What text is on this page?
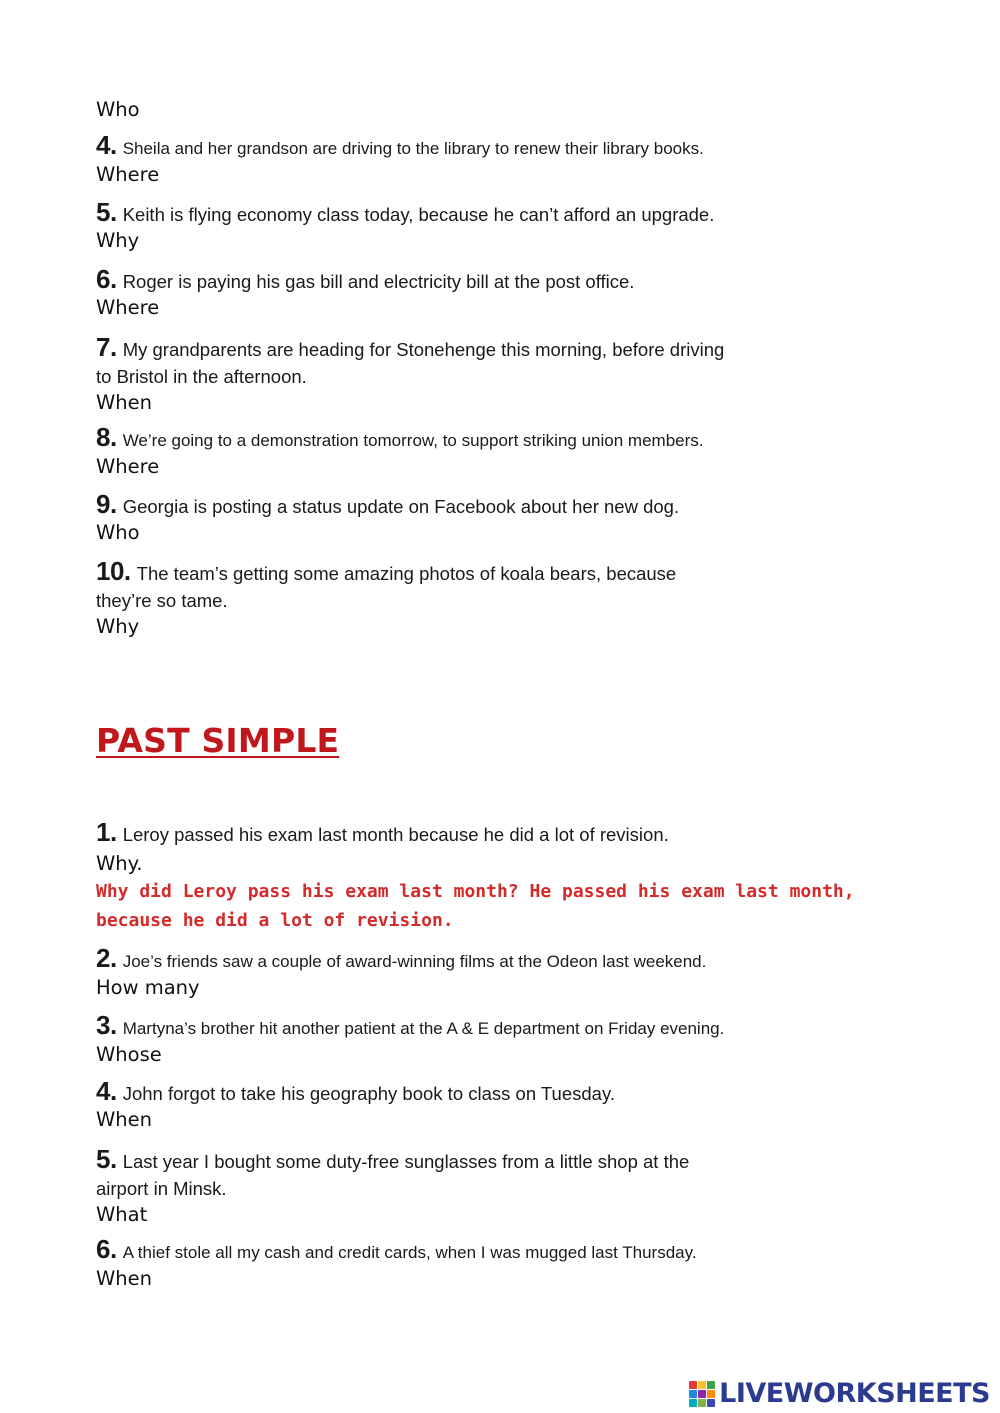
Who
4. Sheila and her grandson are driving to the library to renew their library books.
Where
5. Keith is flying economy class today, because he can’t afford an upgrade.
Why
6. Roger is paying his gas bill and electricity bill at the post office.
Where
7. My grandparents are heading for Stonehenge this morning, before driving
to Bristol in the afternoon.
When
8. We’re going to a demonstration tomorrow, to support striking union members.
Where
9. Georgia is posting a status update on Facebook about her new dog.
Who
10. The team’s getting some amazing photos of koala bears, because
they’re so tame.
Why
PAST SIMPLE
1. Leroy passed his exam last month because he did a lot of revision.
Why.
Why did Leroy pass his exam last month? He passed his exam last month,
because he did a lot of revision.
2. Joe’s friends saw a couple of award-winning films at the Odeon last weekend.
How many
3. Martyna’s brother hit another patient at the A & E department on Friday evening.
Whose
4. John forgot to take his geography book to class on Tuesday.
When
5. Last year I bought some duty-free sunglasses from a little shop at the
airport in Minsk.
What
6. A thief stole all my cash and credit cards, when I was mugged last Thursday.
When
LIVEWORKSHEETS
